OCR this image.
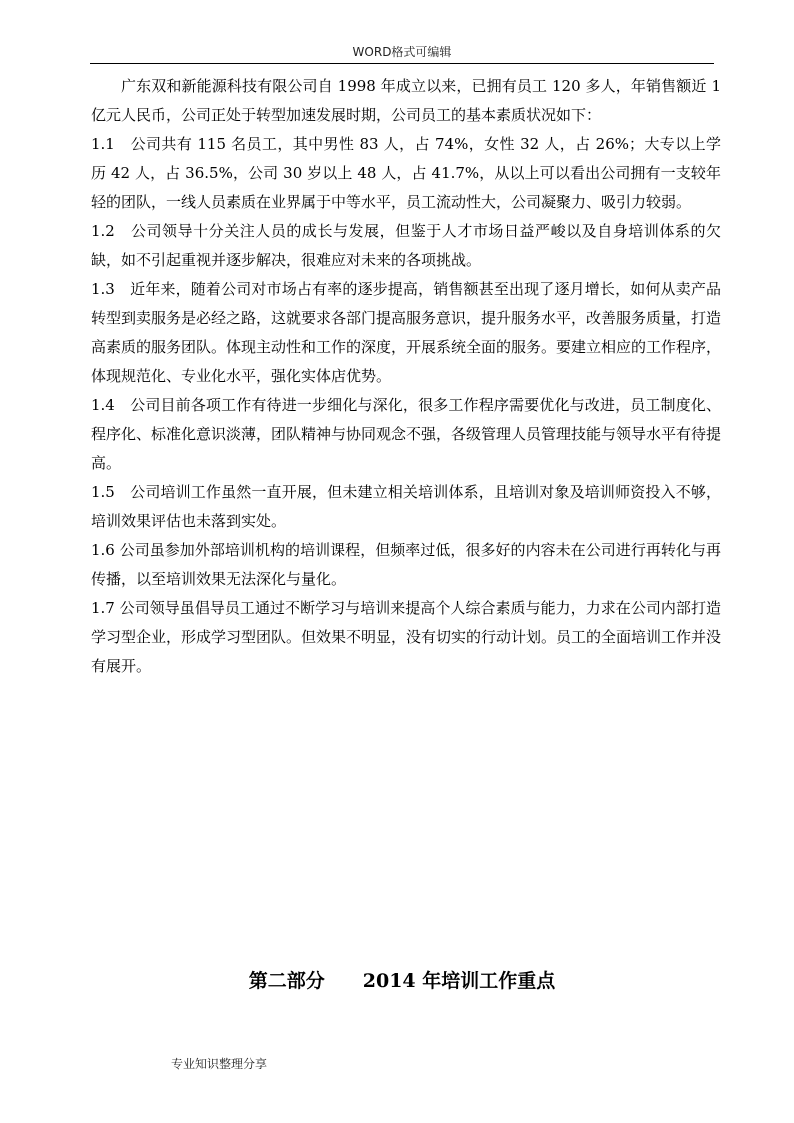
WORD格式可编辑

广东双和新能源科技有限公司自 1998 年成立以来，已拥有员工 120 多人，年销售额近 1 亿元人民币，公司正处于转型加速发展时期，公司员工的基本素质状况如下：

1.1　公司共有 115 名员工，其中男性 83 人，占 74%，女性 32 人，占 26%；大专以上学历 42 人，占 36.5%，公司 30 岁以上 48 人，占 41.7%，从以上可以看出公司拥有一支较年轻的团队，一线人员素质在业界属于中等水平，员工流动性大，公司凝聚力、吸引力较弱。

1.2　公司领导十分关注人员的成长与发展，但鉴于人才市场日益严峻以及自身培训体系的欠缺，如不引起重视并逐步解决，很难应对未来的各项挑战。

1.3　近年来，随着公司对市场占有率的逐步提高，销售额甚至出现了逐月增长，如何从卖产品转型到卖服务是必经之路，这就要求各部门提高服务意识，提升服务水平，改善服务质量，打造高素质的服务团队。体现主动性和工作的深度，开展系统全面的服务。要建立相应的工作程序，体现规范化、专业化水平，强化实体店优势。

1.4　公司目前各项工作有待进一步细化与深化，很多工作程序需要优化与改进，员工制度化、程序化、标准化意识淡薄，团队精神与协同观念不强，各级管理人员管理技能与领导水平有待提高。

1.5　公司培训工作虽然一直开展，但未建立相关培训体系，且培训对象及培训师资投入不够，培训效果评估也未落到实处。

1.6 公司虽参加外部培训机构的培训课程，但频率过低，很多好的内容未在公司进行再转化与再传播，以至培训效果无法深化与量化。

1.7 公司领导虽倡导员工通过不断学习与培训来提高个人综合素质与能力，力求在公司内部打造学习型企业，形成学习型团队。但效果不明显，没有切实的行动计划。员工的全面培训工作并没有展开。

第二部分　　2014 年培训工作重点
专业知识整理分享
